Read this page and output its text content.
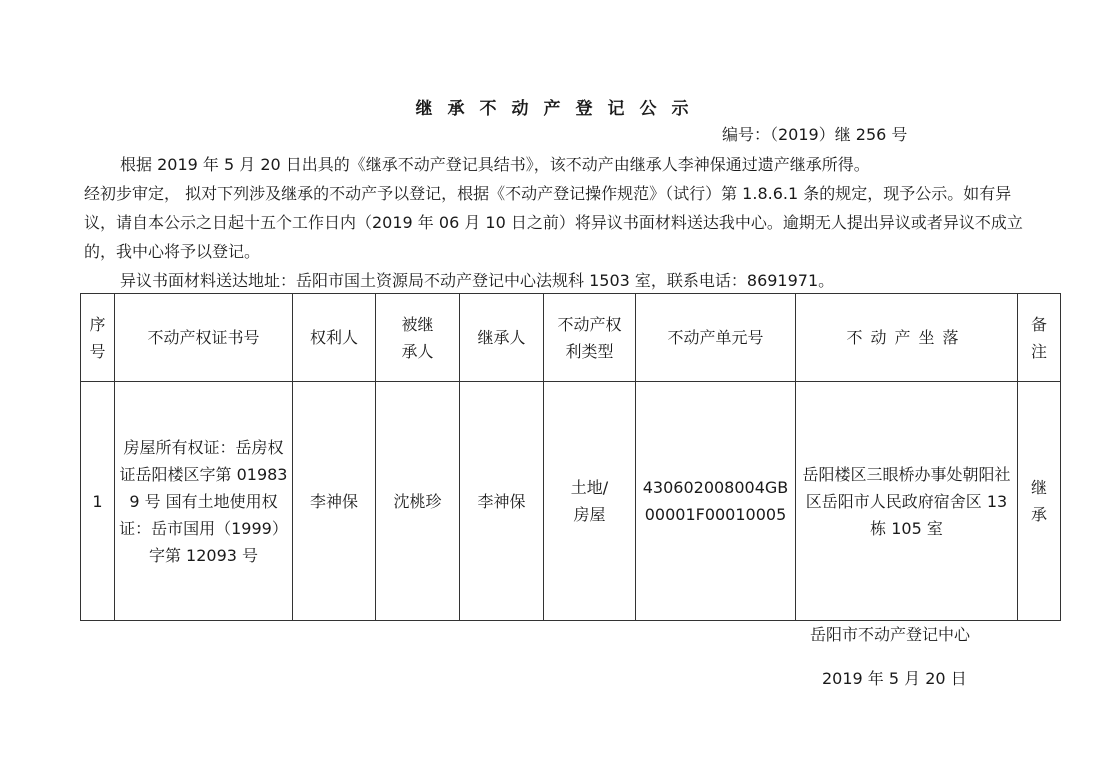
继承不动产登记公示
编号：（2019）继 256 号
根据 2019 年 5 月 20 日出具的《继承不动产登记具结书》，该不动产由继承人李神保通过遗产继承所得。
经初步审定， 拟对下列涉及继承的不动产予以登记，根据《不动产登记操作规范》（试行）第 1.8.6.1 条的规定，现予公示。如有异议，请自本公示之日起十五个工作日内（2019 年 06 月 10 日之前）将异议书面材料送达我中心。逾期无人提出异议或者异议不成立的，我中心将予以登记。
异议书面材料送达地址：岳阳市国土资源局不动产登记中心法规科 1503 室，联系电话：8691971。
序号	不动产权证书号	权利人	被继承人	继承人	不动产权利类型	不动产单元号	不动产坐落	备注

1	房屋所有权证：岳房权证岳阳楼区字第 019839 号 国有土地使用权证：岳市国用（1999）字第 12093 号	李神保	沈桃珍	李神保	土地/房屋	430602008004GB00001F00010005	岳阳楼区三眼桥办事处朝阳社区岳阳市人民政府宿舍区 13 栋 105 室	继承
岳阳市不动产登记中心
2019 年 5 月 20 日
